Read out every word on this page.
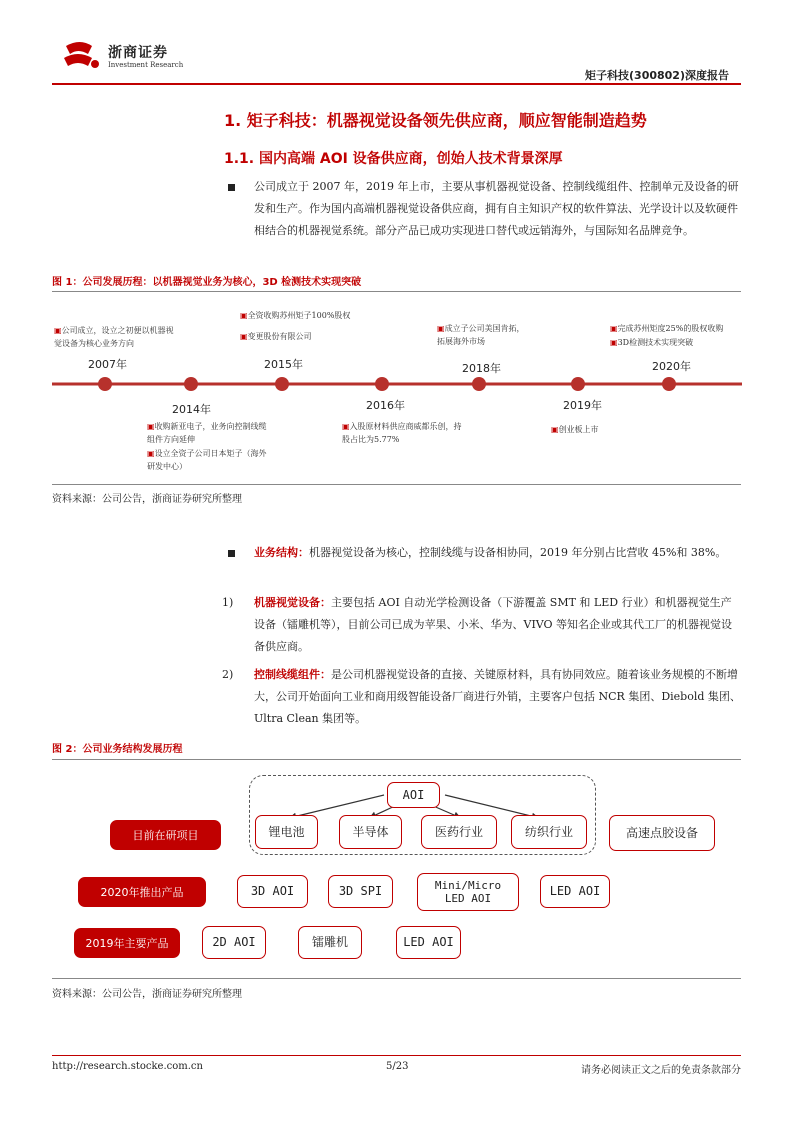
浙商证券
Investment Research
矩子科技(300802)深度报告
1. 矩子科技：机器视觉设备领先供应商，顺应智能制造趋势
1.1. 国内高端 AOI 设备供应商，创始人技术背景深厚
公司成立于 2007 年，2019 年上市，主要从事机器视觉设备、控制线缆组件、控制单元及设备的研发和生产。作为国内高端机器视觉设备供应商，拥有自主知识产权的软件算法、光学设计以及软硬件相结合的机器视觉系统。部分产品已成功实现进口替代或远销海外，与国际知名品牌竞争。
图 1：公司发展历程：以机器视觉业务为核心，3D 检测技术实现突破
2007年
2014年
2015年
2016年
2018年
2019年
2020年
▣公司成立，设立之初便以机器视觉设备为核心业务方向
▣收购新亚电子，业务向控制线缆组件方向延伸
▣设立全资子公司日本矩子（海外研发中心）
▣全资收购苏州矩子100%股权
▣变更股份有限公司
▣入股原材料供应商威都乐创，持股占比为5.77%
▣成立子公司美国肯拓，拓展海外市场
▣创业板上市
▣完成苏州矩度25%的股权收购
▣3D检测技术实现突破
资料来源：公司公告，浙商证券研究所整理
业务结构：机器视觉设备为核心，控制线缆与设备相协同，2019 年分别占比营收 45%和 38%。
1) 机器视觉设备：主要包括 AOI 自动光学检测设备（下游覆盖 SMT 和 LED 行业）和机器视觉生产设备（镭雕机等），目前公司已成为苹果、小米、华为、VIVO 等知名企业或其代工厂的机器视觉设备供应商。
2) 控制线缆组件：是公司机器视觉设备的直接、关键原材料，具有协同效应。随着该业务规模的不断增大，公司开始面向工业和商用级智能设备厂商进行外销，主要客户包括 NCR 集团、Diebold 集团、Ultra Clean 集团等。
图 2：公司业务结构发展历程
AOI
目前在研项目	锂电池	半导体	医药行业	纺织行业	高速点胶设备
2020年推出产品	3D AOI	3D SPI	Mini/Micro
LED AOI
LED AOI
2019年主要产品	2D AOI	镭雕机	LED AOI
资料来源：公司公告，浙商证券研究所整理
http://research.stocke.com.cn	5/23	请务必阅读正文之后的免责条款部分
